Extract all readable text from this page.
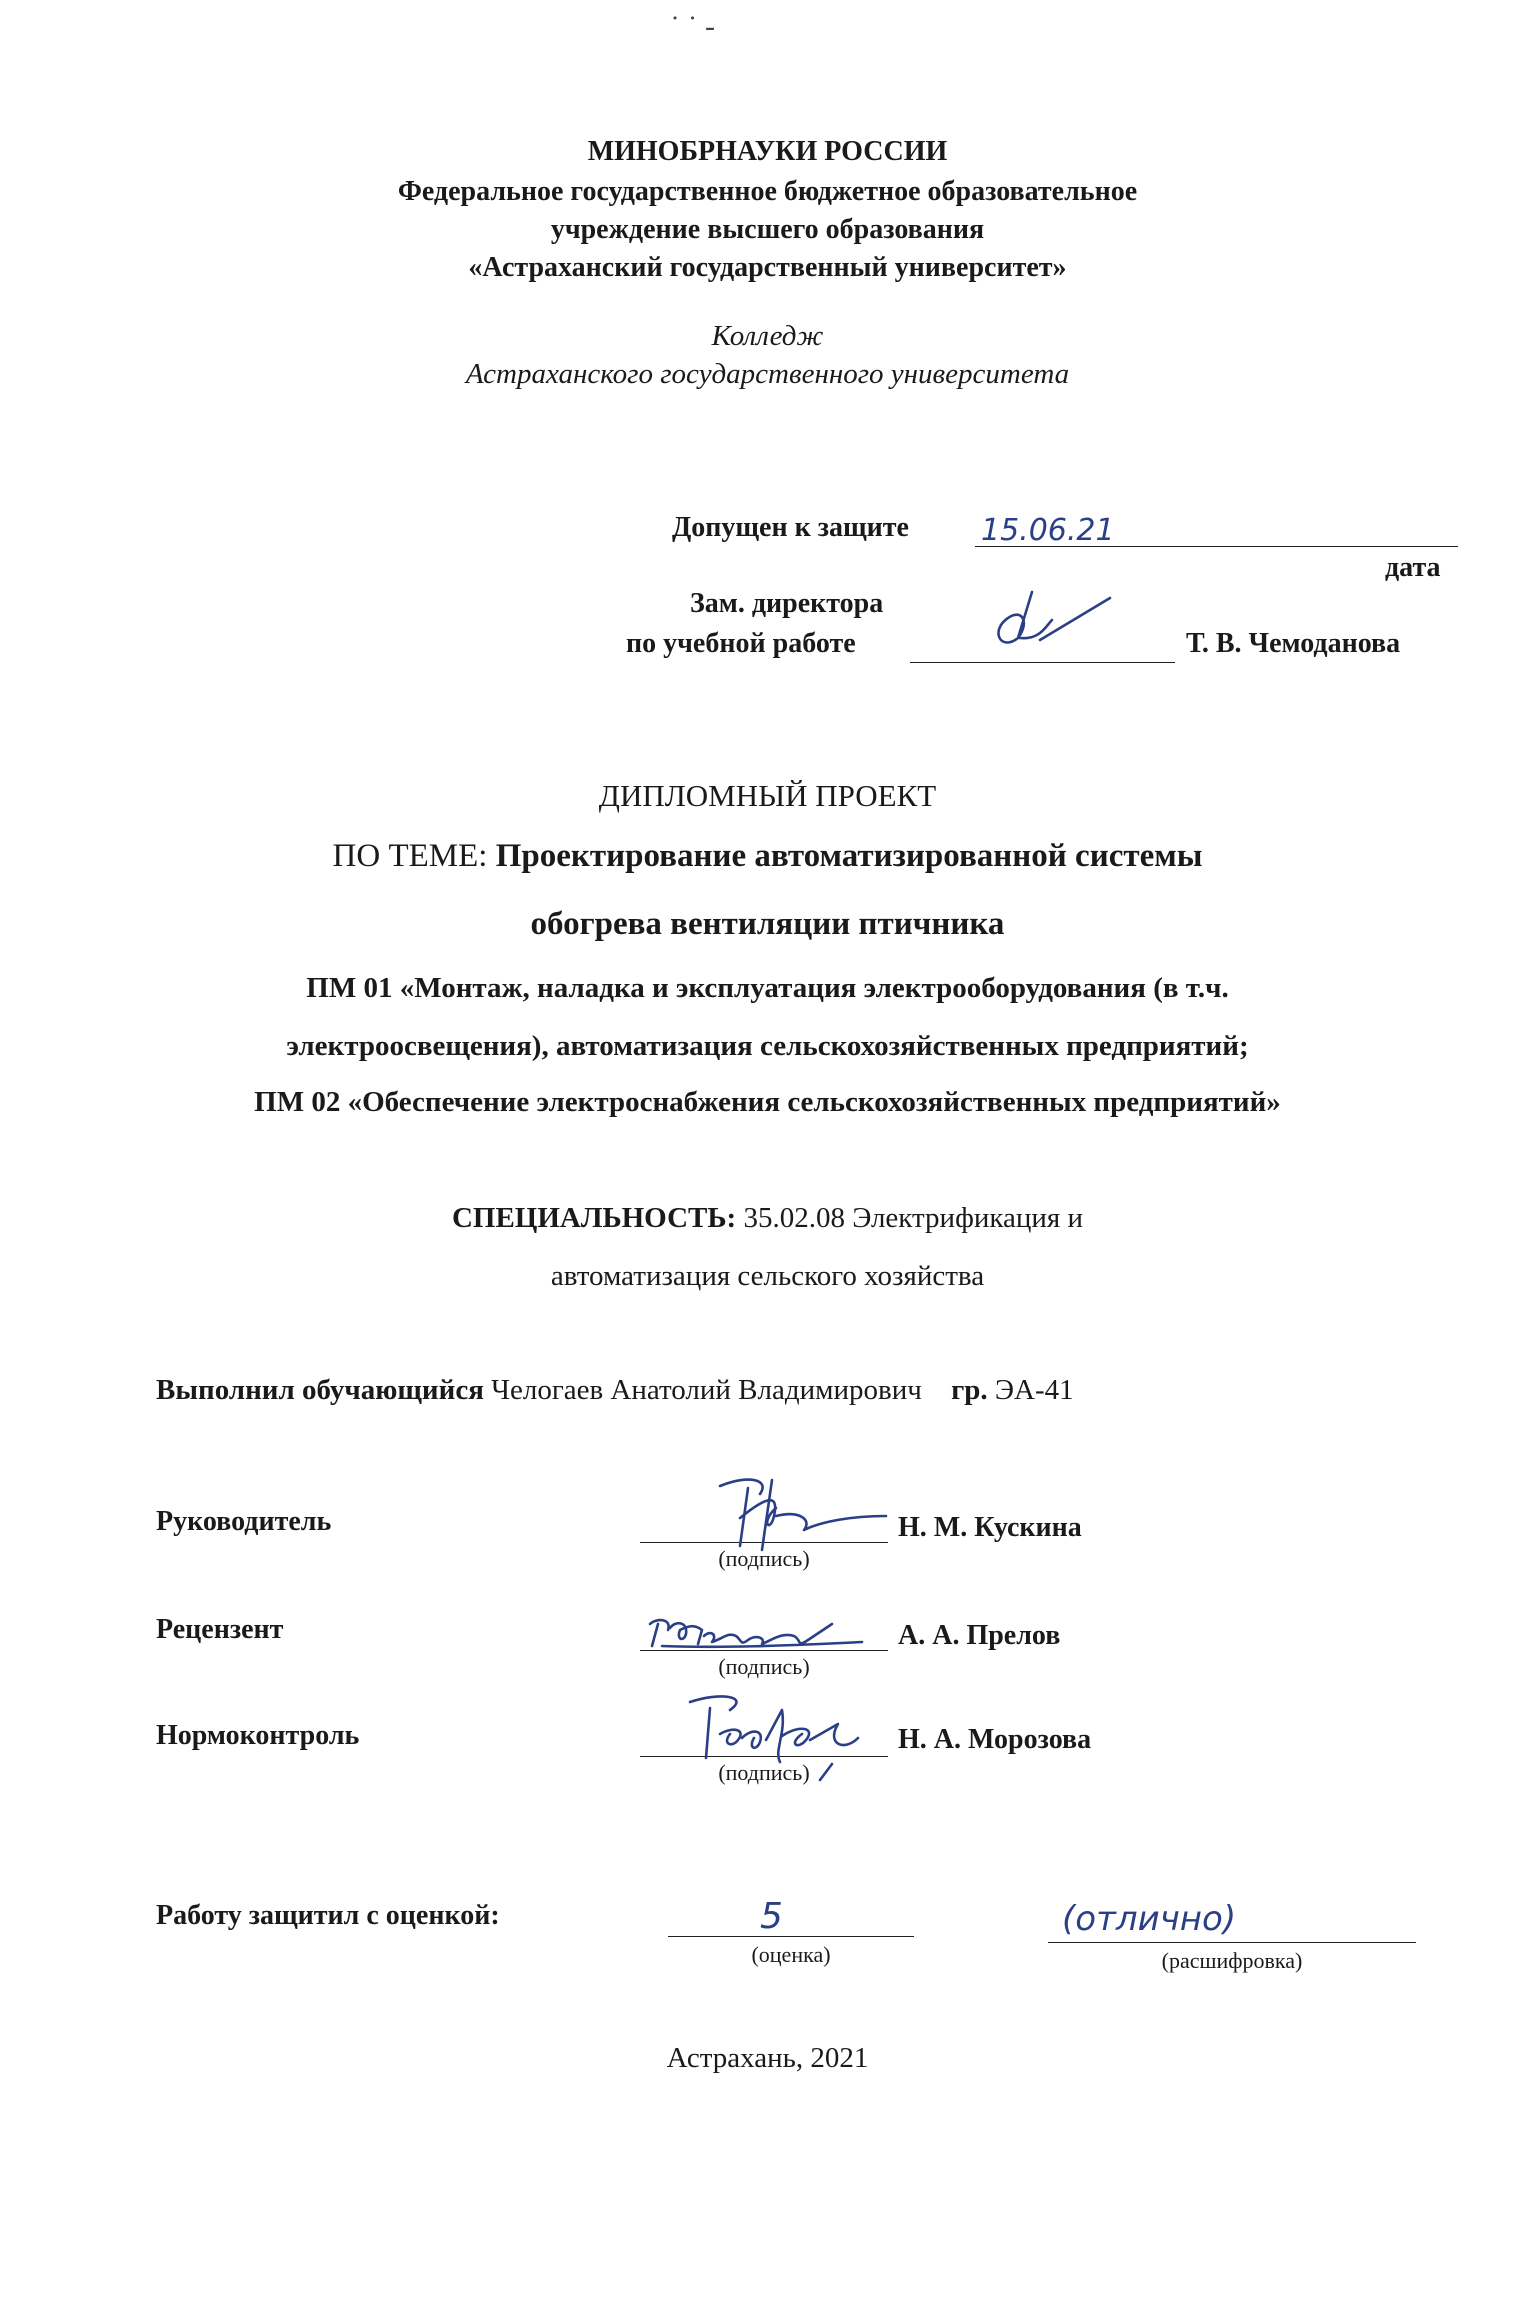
˙ ˙ -
МИНОБРНАУКИ РОССИИ
Федеральное государственное бюджетное образовательное
учреждение высшего образования
«Астраханский государственный университет»
Колледж
Астраханского государственного университета
Допущен к защите 15.06.21
дата
Зам. директора
по учебной работе	Т. В. Чемоданова
ДИПЛОМНЫЙ ПРОЕКТ
ПО ТЕМЕ: Проектирование автоматизированной системы
обогрева вентиляции птичника
ПМ 01 «Монтаж, наладка и эксплуатация электрооборудования (в т.ч.
электроосвещения), автоматизация сельскохозяйственных предприятий;
ПМ 02 «Обеспечение электроснабжения сельскохозяйственных предприятий»
СПЕЦИАЛЬНОСТЬ: 35.02.08 Электрификация и
автоматизация сельского хозяйства
Выполнил обучающийся Челогаев Анатолий Владимирович гр. ЭА-41
Руководитель
(подпись)
Н. М. Кускина
Рецензент
(подпись)
А. А. Прелов
Нормоконтроль
(подпись)
Н. А. Морозова
Работу защитил с оценкой:	5
(оценка)
(отлично)
(расшифровка)
Астрахань, 2021
